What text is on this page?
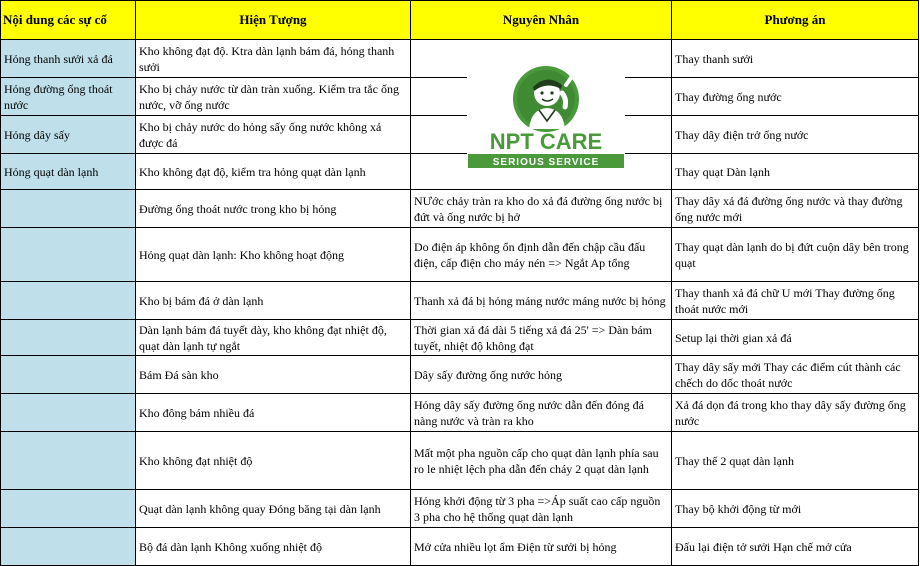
Nội dung các sự cố	Hiện Tượng	Nguyên Nhân	Phương án
Hỏng thanh sưởi xả đá	Kho không đạt độ. Ktra dàn lạnh bám đá, hỏng thanh sưởi		Thay thanh sưởi
Hỏng đường ống thoát nước	Kho bị chảy nước từ dàn tràn xuống. Kiểm tra tắc ống nước, vỡ ống nước		Thay đường ống nước
Hỏng dây sấy	Kho bị chảy nước do hỏng sấy ống nước không xả được đá		Thay dây điện trở ống nước
Hỏng quạt dàn lạnh	Kho không đạt độ, kiểm tra hỏng quạt dàn lạnh		Thay quạt Dàn lạnh
	Đường ống thoát nước trong kho bị hỏng	NƯớc chảy tràn ra kho do xả đá đường ống nước bị đứt và ống nước bị hở	Thay dây xả đá đường ống nước và thay đường ống nước mới
	Hỏng quạt dàn lạnh: Kho không hoạt động	Do điện áp không ổn định dẫn đến chập cầu đấu điện, cấp điện cho máy nén => Ngắt Ap tổng	Thay quạt dàn lạnh do bị đứt cuộn dây bên trong quạt
	Kho bị bám đá ở dàn lạnh	Thanh xả đá bị hỏng máng nước máng nước bị hỏng	Thay thanh xả đá chữ U mới Thay đường ống thoát nước mới
	Dàn lạnh bám đá tuyết dày, kho không đạt nhiệt độ, quạt dàn lạnh tự ngắt	Thời gian xả đá dài 5 tiếng xả đá 25' => Dàn bám tuyết, nhiệt độ không đạt	Setup lại thời gian xả đá
	Bám Đá sàn kho	Dây sấy đường ống nước hỏng	Thay dây sấy mới Thay các điểm cút thành các chếch do dốc thoát nước
	Kho đông bám nhiều đá	Hỏng dây sấy đường ống nước dẫn đến đóng đá nàng nước và tràn ra kho	Xả đá dọn đá trong kho thay dây sấy đường ống nước
	Kho không đạt nhiệt độ	Mất một pha nguồn cấp cho quạt dàn lạnh phía sau ro le nhiệt lệch pha dẫn đến cháy 2 quạt dàn lạnh	Thay thế 2 quạt dàn lạnh
	Quạt dàn lạnh không quay Đóng băng tại dàn lạnh	Hỏng khởi động từ 3 pha =>Áp suất cao cấp nguồn 3 pha cho hệ thống quạt dàn lạnh	Thay bộ khởi động từ mới
	Bộ đá dàn lạnh Không xuống nhiệt độ	Mở cửa nhiều lọt ẩm Điện từ sưởi bị hỏng	Đấu lại điện tở sưởi Hạn chế mở cửa
NPT CARE
SERIOUS SERVICE
